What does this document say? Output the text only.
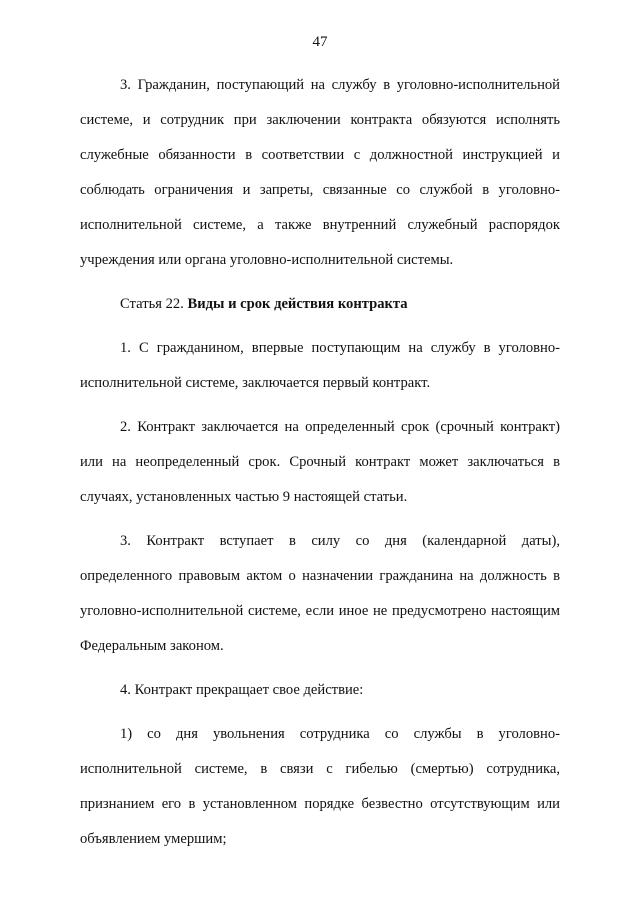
47

3. Гражданин, поступающий на службу в уголовно-исполнительной системе, и сотрудник при заключении контракта обязуются исполнять служебные обязанности в соответствии с должностной инструкцией и соблюдать ограничения и запреты, связанные со службой в уголовно-исполнительной системе, а также внутренний служебный распорядок учреждения или органа уголовно-исполнительной системы.

Статья 22. Виды и срок действия контракта

1. С гражданином, впервые поступающим на службу в уголовно-исполнительной системе, заключается первый контракт.

2. Контракт заключается на определенный срок (срочный контракт) или на неопределенный срок. Срочный контракт может заключаться в случаях, установленных частью 9 настоящей статьи.

3. Контракт вступает в силу со дня (календарной даты), определенного правовым актом о назначении гражданина на должность в уголовно-исполнительной системе, если иное не предусмотрено настоящим Федеральным законом.

4. Контракт прекращает свое действие:

1) со дня увольнения сотрудника со службы в уголовно-исполнительной системе, в связи с гибелью (смертью) сотрудника, признанием его в установленном порядке безвестно отсутствующим или объявлением умершим;
